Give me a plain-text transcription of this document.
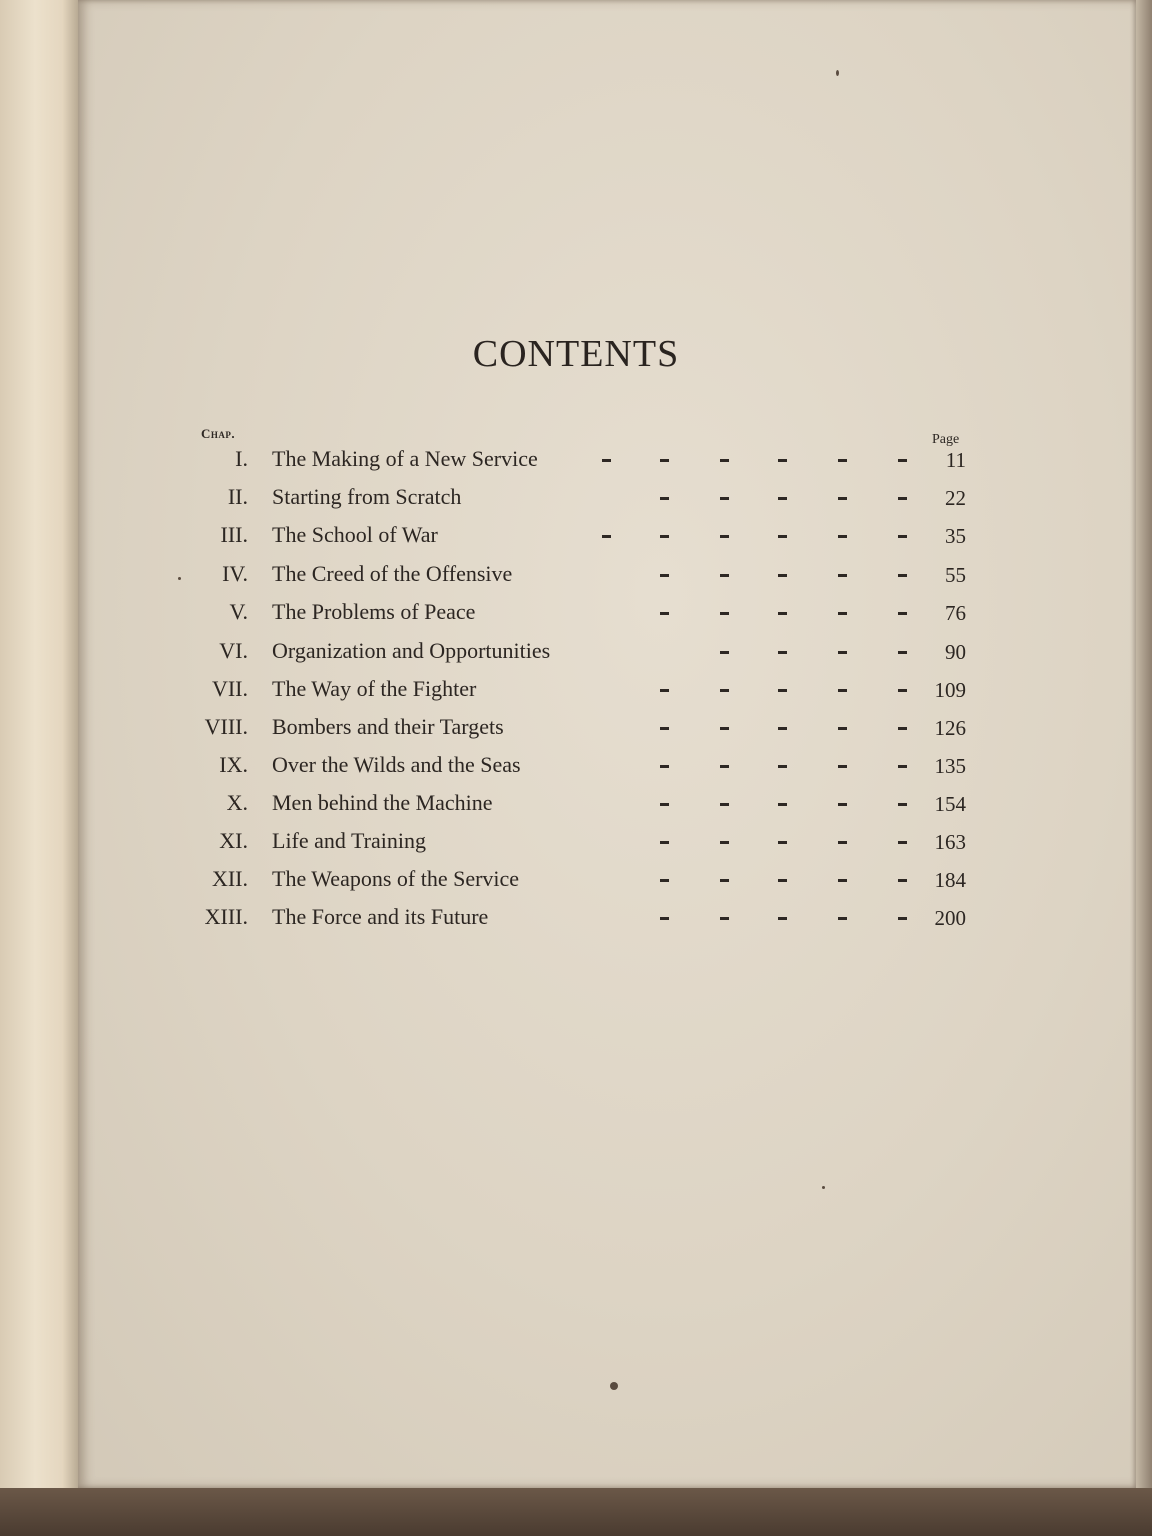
CONTENTS
Chap.	Page
I. The Making of a New Service	11
II. Starting from Scratch	22
III. The School of War	35
IV. The Creed of the Offensive	55
V. The Problems of Peace	76
VI. Organization and Opportunities	90
VII. The Way of the Fighter	109
VIII. Bombers and their Targets	126
IX. Over the Wilds and the Seas	135
X. Men behind the Machine	154
XI. Life and Training	163
XII. The Weapons of the Service	184
XIII. The Force and its Future	200
